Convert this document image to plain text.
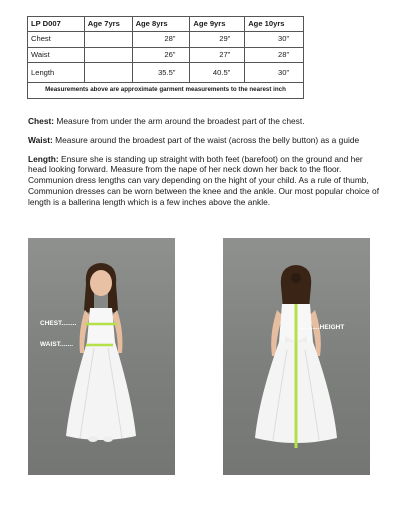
LP D007	Age 7yrs	Age 8yrs	Age 9yrs	Age 10yrs
Chest		28”	29”	30”
Waist		26”	27”	28”
Length		35.5”	40.5”	30”
Measurements above are approximate garment measurements to the nearest inch				

Chest: Measure from under the arm around the broadest part of the chest.

Waist: Measure around the broadest part of the waist (across the belly button) as a guide

Length: Ensure she is standing up straight with both feet (barefoot) on the ground and her head looking forward. Measure from the nape of her neck down her back to the floor. Communion dress lengths can vary depending on the hight of your child. As a rule of thumb, Communion dresses can be worn between the knee and the ankle. Our most popular choice of length is a ballerina length which is a few inches above the ankle.

CHEST........
WAIST.......
...........HEIGHT
